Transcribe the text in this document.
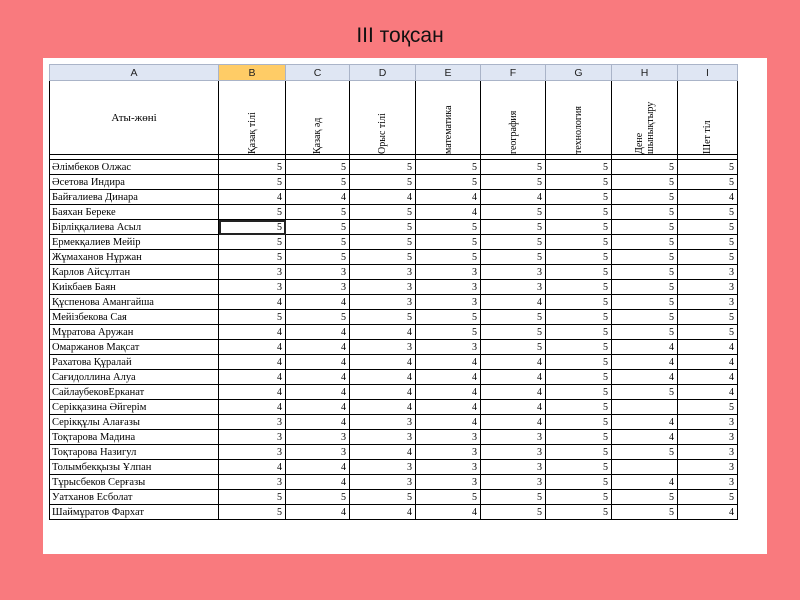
III тоқсан
A	B	C	D	E	F	G	H	I
Аты-жөні	Қазақ тілі	Қазақ әд	Орыс тілі	математика	география	технология	Дене шынықтыру	Шет тіл

Әлімбеков Олжас	5	5	5	5	5	5	5	5
Әсетова Индира	5	5	5	5	5	5	5	5
Байғалиева Динара	4	4	4	4	4	5	5	4
Баяхан Береке	5	5	5	4	5	5	5	5
Бірліққалиева Асыл	5	5	5	5	5	5	5	5
Ермекқалиев Мейір	5	5	5	5	5	5	5	5
Жұмаханов Нұржан	5	5	5	5	5	5	5	5
Карлов Айсұлтан	3	3	3	3	3	5	5	3
Киікбаев Баян	3	3	3	3	3	5	5	3
Құспенова Амангайша	4	4	3	3	4	5	5	3
Мейізбекова Сая	5	5	5	5	5	5	5	5
Мұратова Аружан	4	4	4	5	5	5	5	5
Омаржанов Мақсат	4	4	3	3	5	5	4	4
Рахатова Құралай	4	4	4	4	4	5	4	4
Сағидоллина Алуа	4	4	4	4	4	5	4	4
СайлаубековЕрканат	4	4	4	4	4	5	5	4
Серікқазина Әйгерім	4	4	4	4	4	5		5
Серікқұлы Алағазы	3	4	3	4	4	5	4	3
Тоқтарова Мадина	3	3	3	3	3	5	4	3
Тоқтарова Назигул	3	3	4	3	3	5	5	3
Толымбекқызы Ұлпан	4	4	3	3	3	5		3
Тұрысбеков Серғазы	3	4	3	3	3	5	4	3
Уатханов Есболат	5	5	5	5	5	5	5	5
Шаймұратов Фархат	5	4	4	4	5	5	5	4
